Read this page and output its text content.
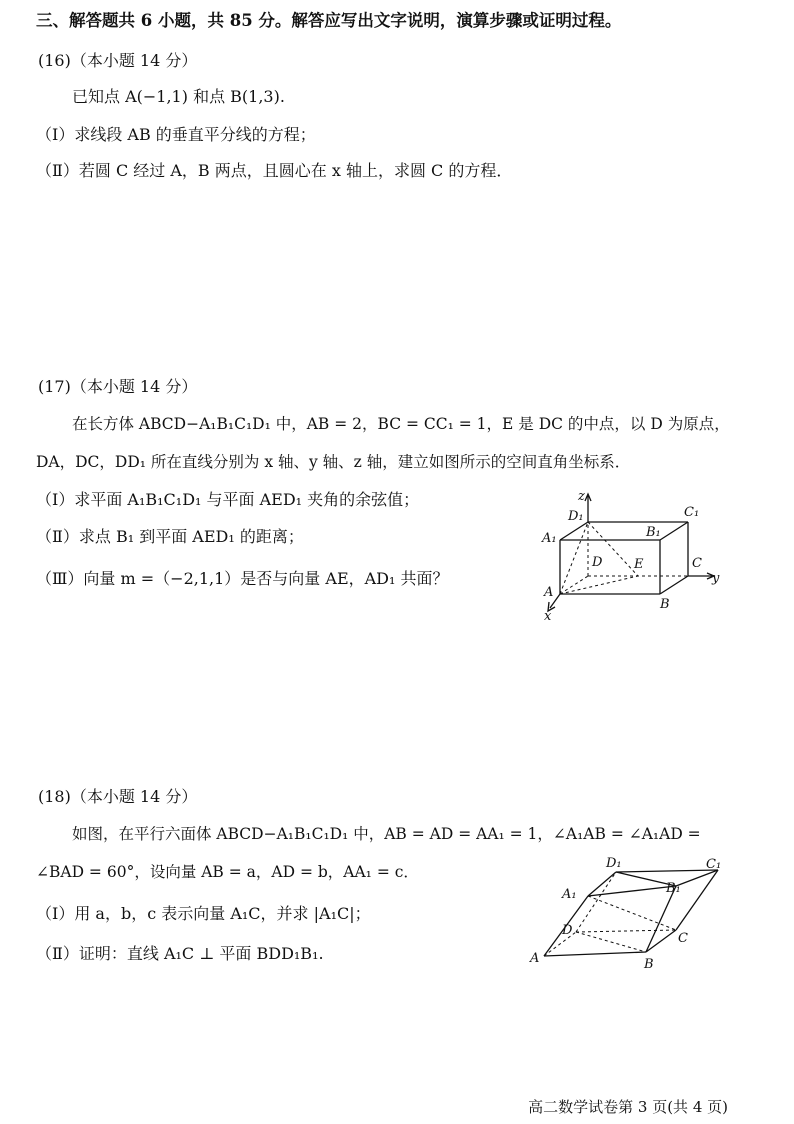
三、解答题共 6 小题，共 85 分。解答应写出文字说明，演算步骤或证明过程。
(16)（本小题 14 分）
已知点 A(−1,1) 和点 B(1,3).
（Ⅰ）求线段 AB 的垂直平分线的方程；
（Ⅱ）若圆 C 经过 A，B 两点，且圆心在 x 轴上，求圆 C 的方程．
(17)（本小题 14 分）
在长方体 ABCD−A₁B₁C₁D₁ 中，AB = 2，BC = CC₁ = 1，E 是 DC 的中点，以 D 为原点，
DA，DC，DD₁ 所在直线分别为 x 轴、y 轴、z 轴，建立如图所示的空间直角坐标系．
（Ⅰ）求平面 A₁B₁C₁D₁ 与平面 AED₁ 夹角的余弦值；
（Ⅱ）求点 B₁ 到平面 AED₁ 的距离；
（Ⅲ）向量 m =（−2,1,1）是否与向量 AE，AD₁ 共面？
z
D₁	C₁
A₁	B₁
D E	C
y
A
B
x
(18)（本小题 14 分）
如图，在平行六面体 ABCD−A₁B₁C₁D₁ 中，AB = AD = AA₁ = 1，∠A₁AB = ∠A₁AD =
∠BAD = 60°，设向量 AB = a，AD = b，AA₁ = c．
（Ⅰ）用 a，b，c 表示向量 A₁C，并求 |A₁C|；
（Ⅱ）证明：直线 A₁C ⊥ 平面 BDD₁B₁.
D₁	C₁
A₁	B₁
D
C
A	B
高二数学试卷第 3 页(共 4 页)
